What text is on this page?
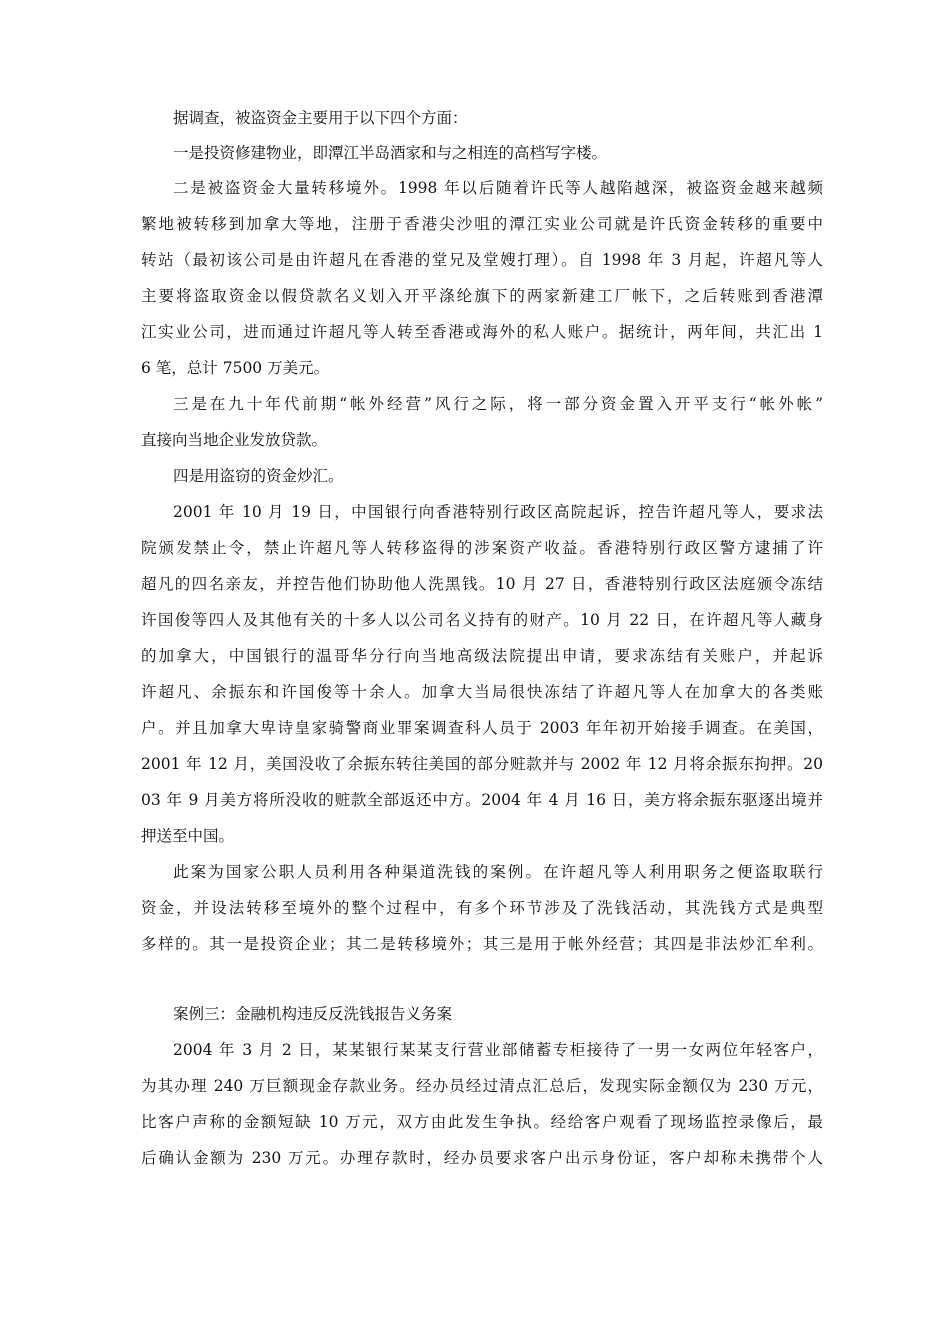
据调查，被盗资金主要用于以下四个方面：
一是投资修建物业，即潭江半岛酒家和与之相连的高档写字楼。
二是被盗资金大量转移境外。1998 年以后随着许氏等人越陷越深，被盗资金越来越频
繁地被转移到加拿大等地，注册于香港尖沙咀的潭江实业公司就是许氏资金转移的重要中
转站（最初该公司是由许超凡在香港的堂兄及堂嫂打理）。自 1998 年 3 月起，许超凡等人
主要将盗取资金以假贷款名义划入开平涤纶旗下的两家新建工厂帐下，之后转账到香港潭
江实业公司，进而通过许超凡等人转至香港或海外的私人账户。据统计，两年间，共汇出 1
6 笔，总计 7500 万美元。
三是在九十年代前期“帐外经营”风行之际，将一部分资金置入开平支行“帐外帐”
直接向当地企业发放贷款。
四是用盗窃的资金炒汇。
2001 年 10 月 19 日，中国银行向香港特别行政区高院起诉，控告许超凡等人，要求法
院颁发禁止令，禁止许超凡等人转移盗得的涉案资产收益。香港特别行政区警方逮捕了许
超凡的四名亲友，并控告他们协助他人洗黑钱。10 月 27 日，香港特别行政区法庭颁令冻结
许国俊等四人及其他有关的十多人以公司名义持有的财产。10 月 22 日，在许超凡等人藏身
的加拿大，中国银行的温哥华分行向当地高级法院提出申请，要求冻结有关账户，并起诉
许超凡、余振东和许国俊等十余人。加拿大当局很快冻结了许超凡等人在加拿大的各类账
户。并且加拿大卑诗皇家骑警商业罪案调查科人员于 2003 年年初开始接手调查。在美国，
2001 年 12 月，美国没收了余振东转往美国的部分赃款并与 2002 年 12 月将余振东拘押。20
03 年 9 月美方将所没收的赃款全部返还中方。2004 年 4 月 16 日，美方将余振东驱逐出境并
押送至中国。
此案为国家公职人员利用各种渠道洗钱的案例。在许超凡等人利用职务之便盗取联行
资金，并设法转移至境外的整个过程中，有多个环节涉及了洗钱活动，其洗钱方式是典型
多样的。其一是投资企业；其二是转移境外；其三是用于帐外经营；其四是非法炒汇牟利。
案例三：金融机构违反反洗钱报告义务案
2004 年 3 月 2 日，某某银行某某支行营业部储蓄专柜接待了一男一女两位年轻客户，
为其办理 240 万巨额现金存款业务。经办员经过清点汇总后，发现实际金额仅为 230 万元，
比客户声称的金额短缺 10 万元，双方由此发生争执。经给客户观看了现场监控录像后，最
后确认金额为 230 万元。办理存款时，经办员要求客户出示身份证，客户却称未携带个人
